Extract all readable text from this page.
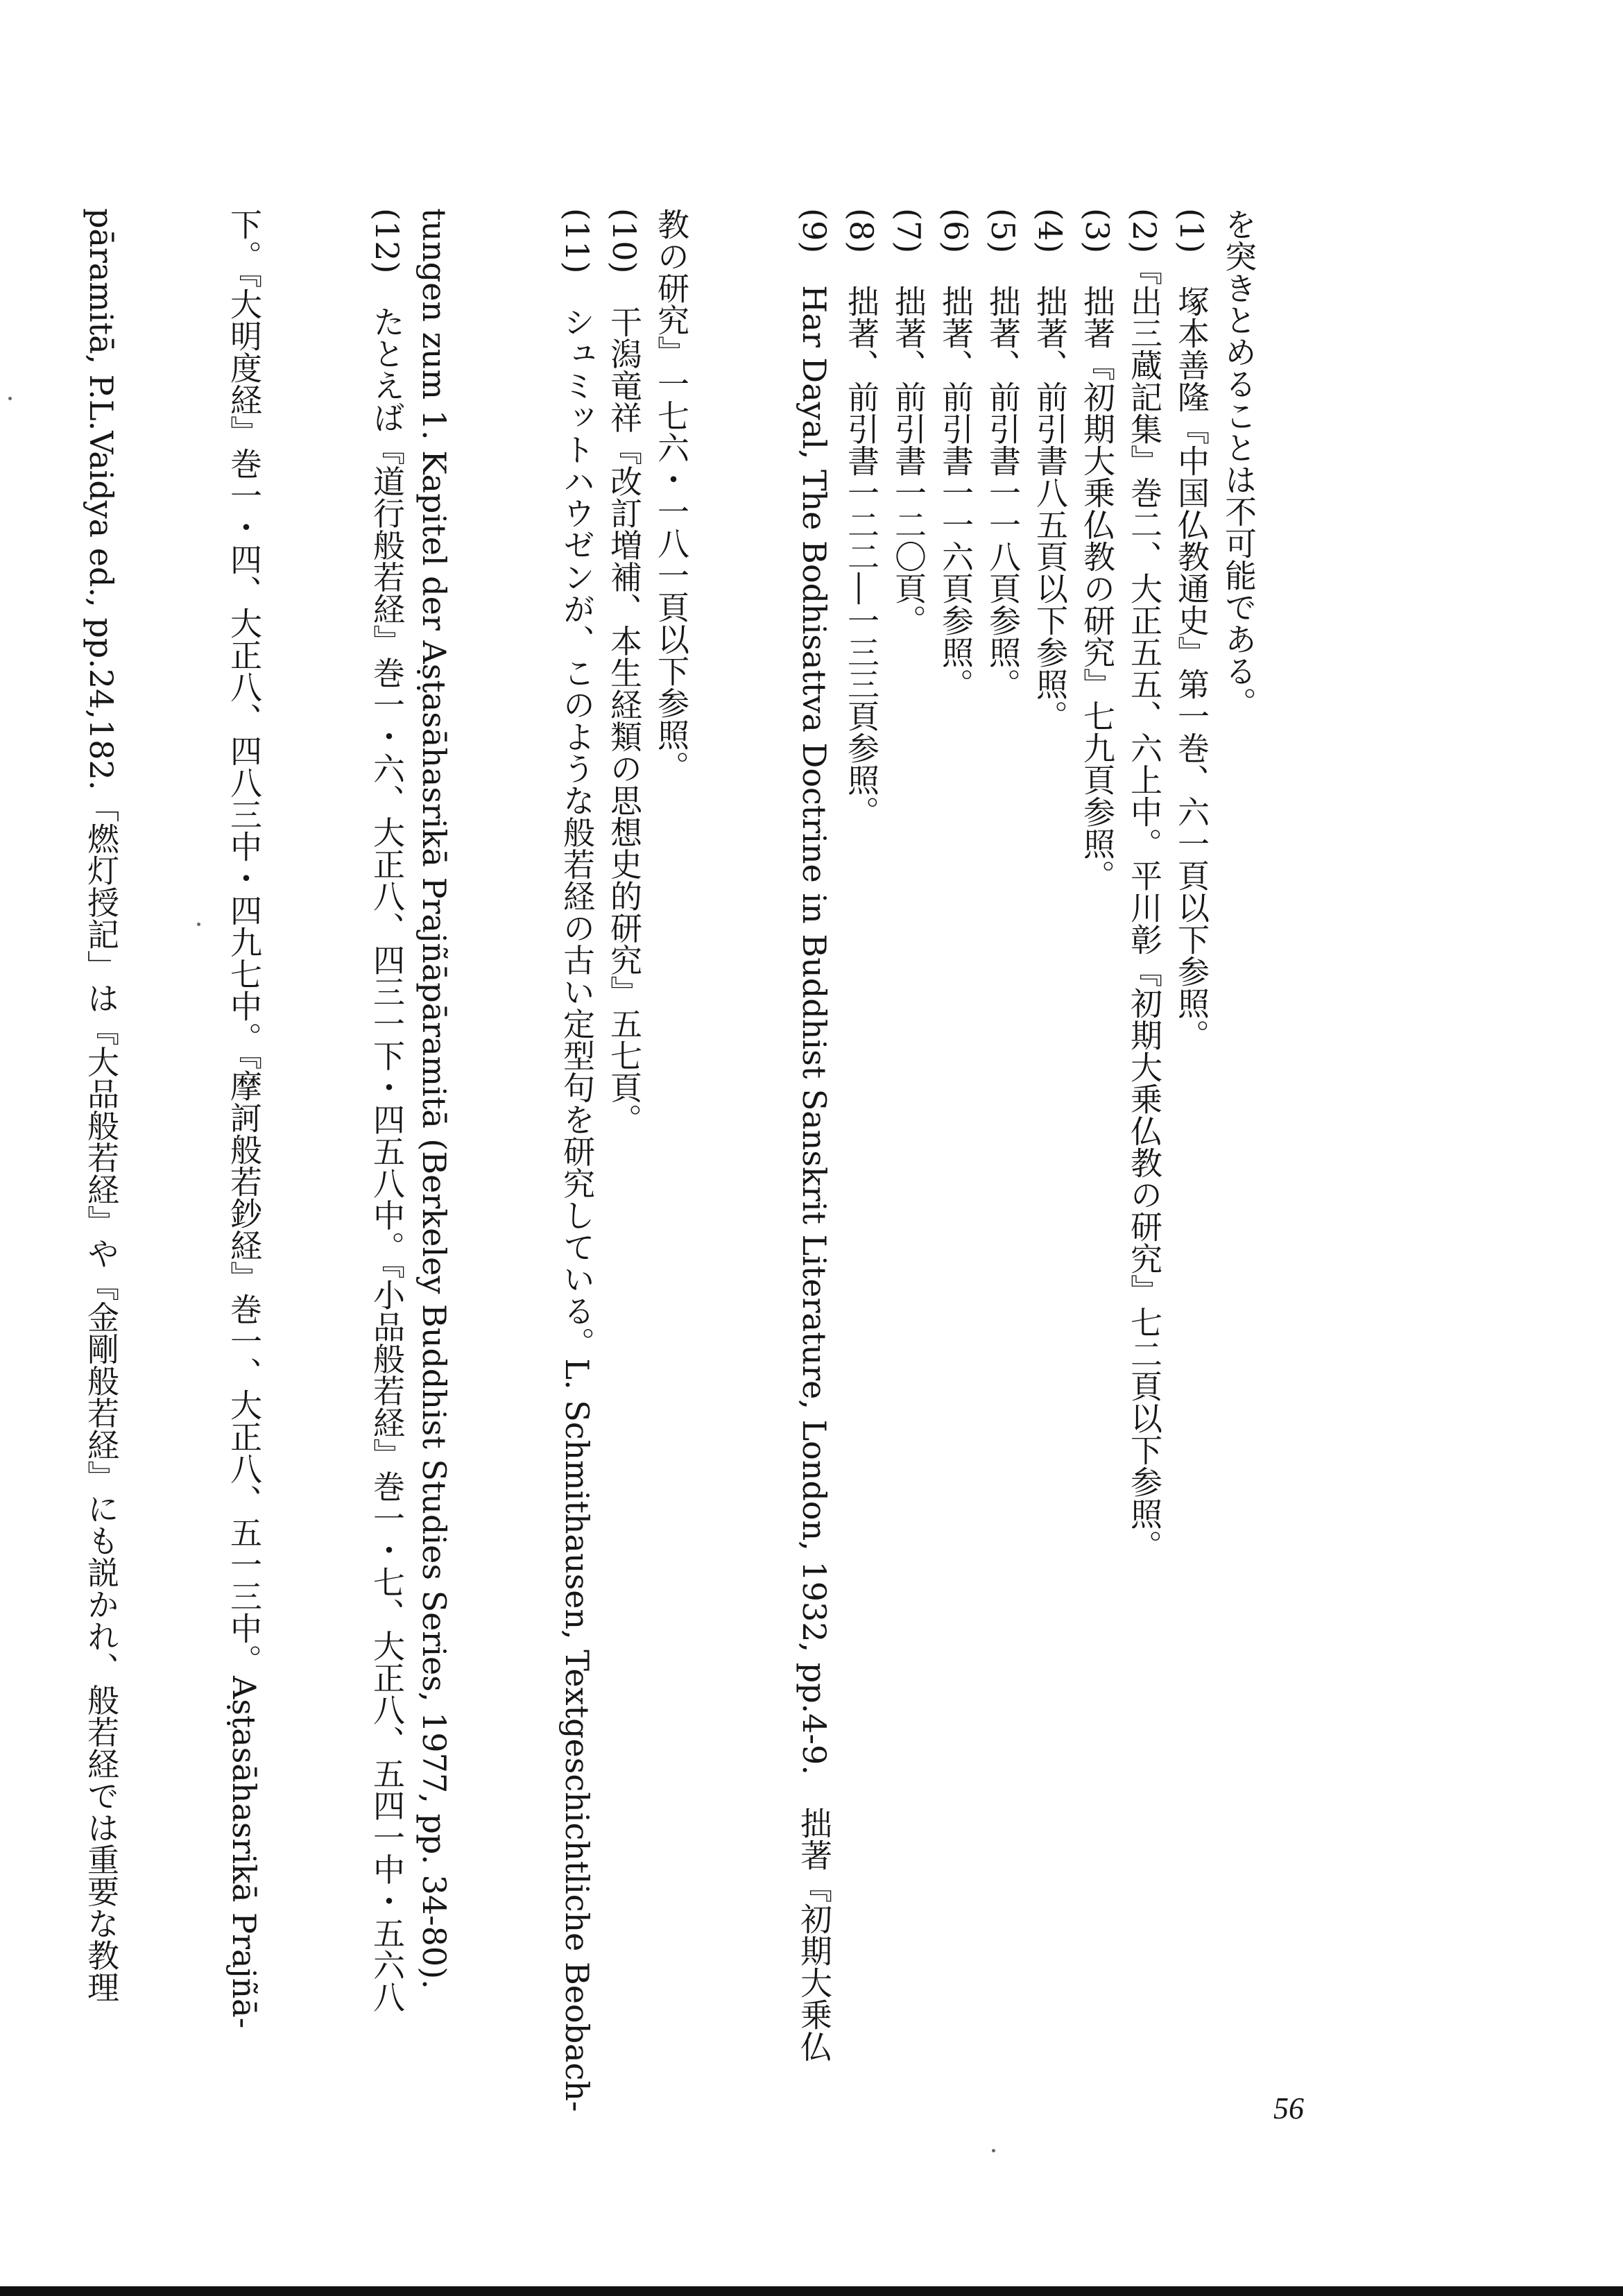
を突きとめることは不可能である。
(1)　塚本善隆『中国仏教通史』第一巻、六一頁以下参照。
(2)『出三蔵記集』巻二、大正五五、六上中。平川彰『初期大乗仏教の研究』七二頁以下参照。
(3)　拙著『初期大乗仏教の研究』七九頁参照。
(4)　拙著、前引書八五頁以下参照。
(5)　拙著、前引書一一八頁参照。
(6)　拙著、前引書一一六頁参照。
(7)　拙著、前引書一二〇頁。
(8)　拙著、前引書一二二―一三三頁参照。
(9)　Har Dayal, The Bodhisattva Doctrine in Buddhist Sanskrit Literature, London, 1932, pp.4-9.　拙著『初期大乗仏
教の研究』一七六・一八一頁以下参照。
(10)　干潟竜祥『改訂増補、本生経類の思想史的研究』五七頁。
(11)　シュミットハウゼンが、このような般若経の古い定型句を研究している。L. Schmithausen, Textgeschichtliche Beobach-
tungen zum 1. Kapitel der Aṣṭasāhasrikā Prajñāpāramitā (Berkeley Buddhist Studies Series, 1977, pp. 34-80).
(12)　たとえば『道行般若経』巻一・六、大正八、四三一下・四五八中。『小品般若経』巻一・七、大正八、五四一中・五六八
下。『大明度経』巻一・四、大正八、四八三中・四九七中。『摩訶般若鈔経』巻一、大正八、五一三中。Aṣṭasāhasrikā Prajñā-
pāramitā, P.L.Vaidya ed., pp.24,182.「燃灯授記」は『大品般若経』や『金剛般若経』にも説かれ、般若経では重要な教理
56
